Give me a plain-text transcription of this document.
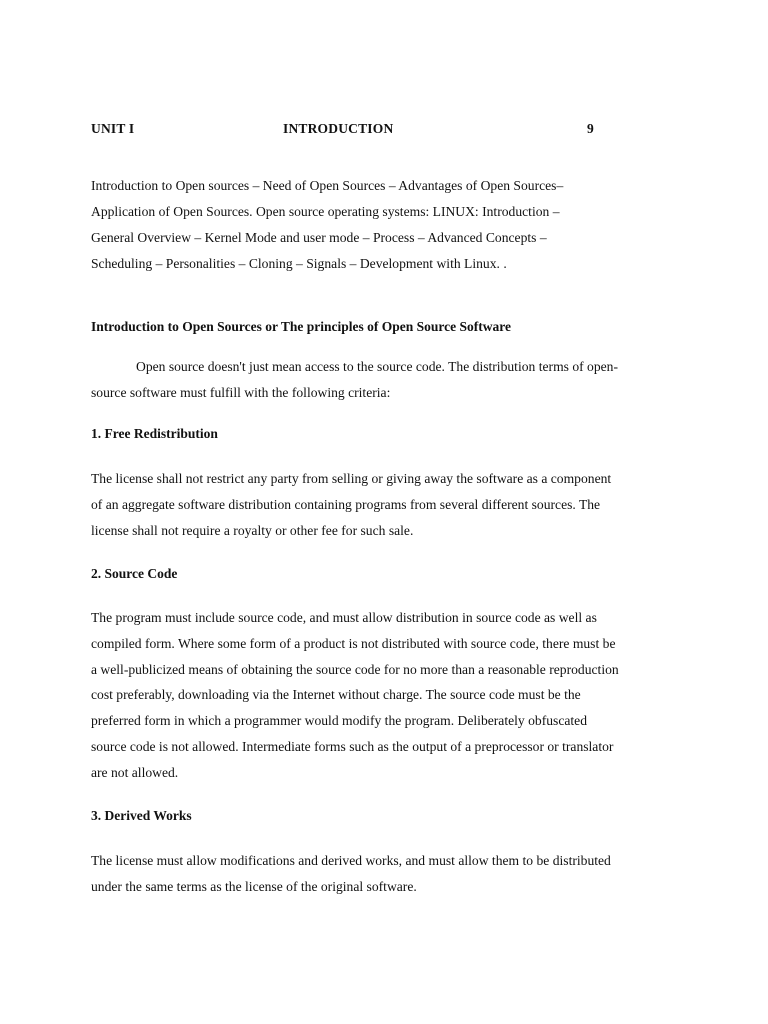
UNIT I	INTRODUCTION	9

Introduction to Open sources – Need of Open Sources – Advantages of Open Sources–
Application of Open Sources. Open source operating systems: LINUX: Introduction –
General Overview – Kernel Mode and user mode – Process – Advanced Concepts –
Scheduling – Personalities – Cloning – Signals – Development with Linux. .

Introduction to Open Sources or The principles of Open Source Software

Open source doesn't just mean access to the source code. The distribution terms of open-
source software must fulfill with the following criteria:

1. Free Redistribution

The license shall not restrict any party from selling or giving away the software as a component
of an aggregate software distribution containing programs from several different sources. The
license shall not require a royalty or other fee for such sale.

2. Source Code

The program must include source code, and must allow distribution in source code as well as
compiled form. Where some form of a product is not distributed with source code, there must be
a well-publicized means of obtaining the source code for no more than a reasonable reproduction
cost preferably, downloading via the Internet without charge. The source code must be the
preferred form in which a programmer would modify the program. Deliberately obfuscated
source code is not allowed. Intermediate forms such as the output of a preprocessor or translator
are not allowed.

3. Derived Works

The license must allow modifications and derived works, and must allow them to be distributed
under the same terms as the license of the original software.
